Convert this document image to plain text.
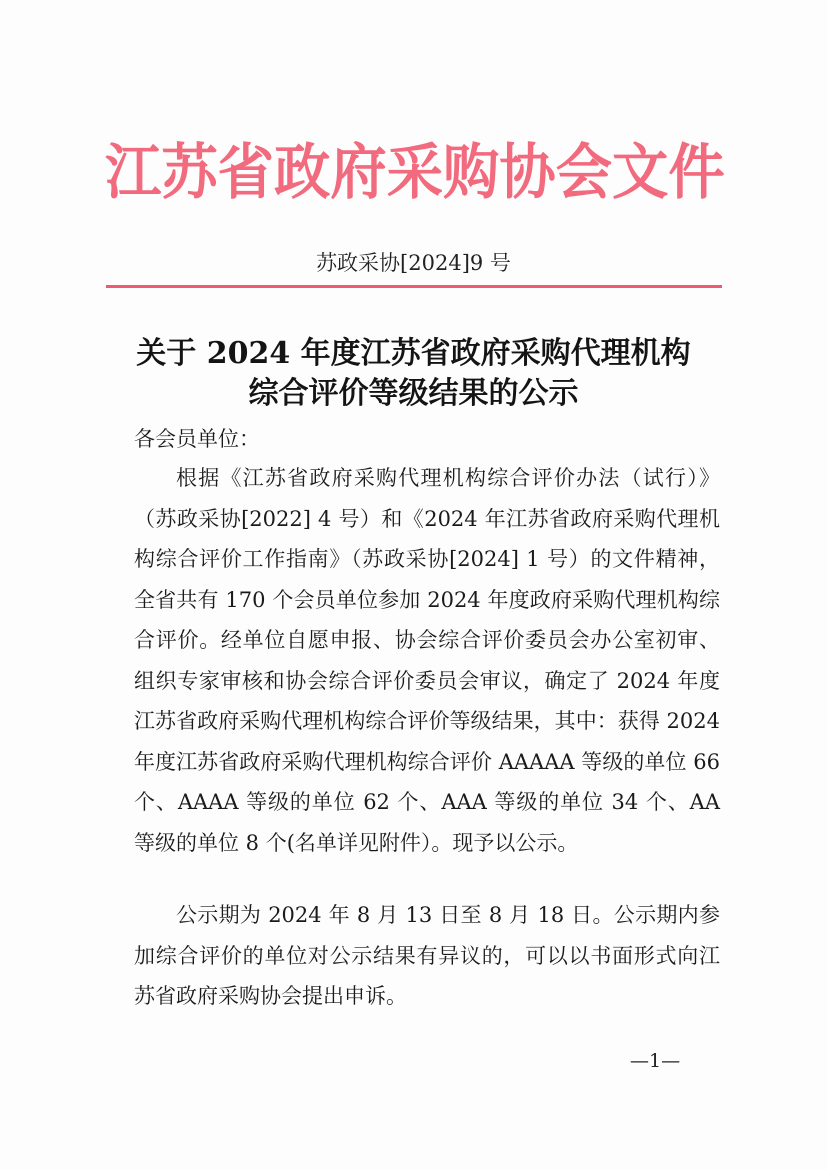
江苏省政府采购协会文件
苏政采协[2024]9 号
关于 2024 年度江苏省政府采购代理机构
综合评价等级结果的公示
各会员单位：
根据《江苏省政府采购代理机构综合评价办法（试行）》（苏政采协[2022] 4 号）和《2024 年江苏省政府采购代理机构综合评价工作指南》（苏政采协[2024] 1 号）的文件精神，全省共有 170 个会员单位参加 2024 年度政府采购代理机构综合评价。经单位自愿申报、协会综合评价委员会办公室初审、组织专家审核和协会综合评价委员会审议，确定了 2024 年度江苏省政府采购代理机构综合评价等级结果，其中：获得 2024 年度江苏省政府采购代理机构综合评价 AAAAA 等级的单位 66 个、AAAA 等级的单位 62 个、AAA 等级的单位 34 个、AA 等级的单位 8 个(名单详见附件）。现予以公示。
公示期为 2024 年 8 月 13 日至 8 月 18 日。公示期内参加综合评价的单位对公示结果有异议的，可以以书面形式向江苏省政府采购协会提出申诉。
—1—
